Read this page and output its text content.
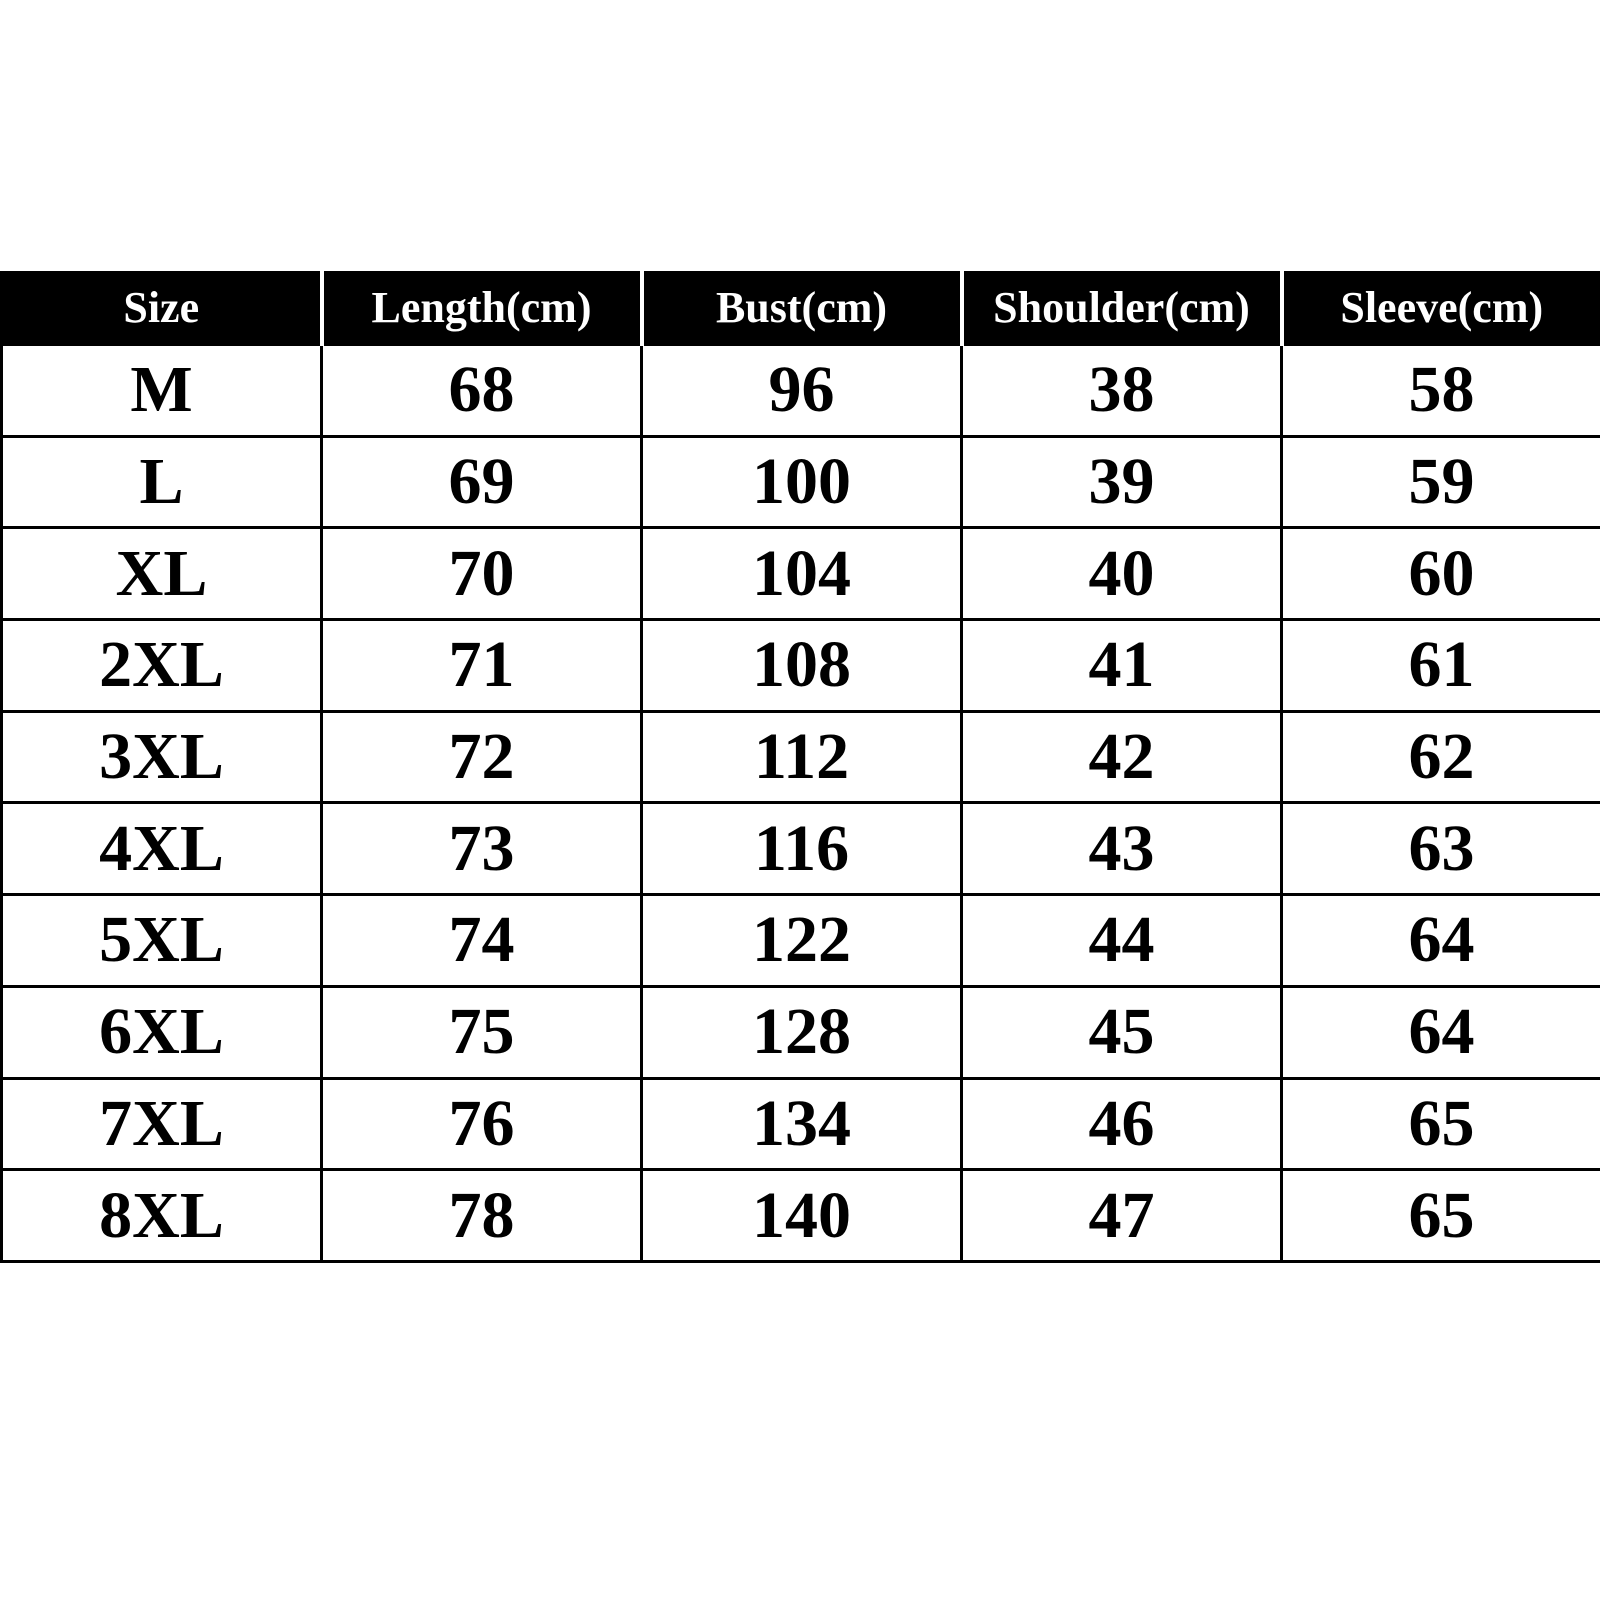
Size	Length(cm)	Bust(cm)	Shoulder(cm)	Sleeve(cm)
M	68	96	38	58
L	69	100	39	59
XL	70	104	40	60
2XL	71	108	41	61
3XL	72	112	42	62
4XL	73	116	43	63
5XL	74	122	44	64
6XL	75	128	45	64
7XL	76	134	46	65
8XL	78	140	47	65
